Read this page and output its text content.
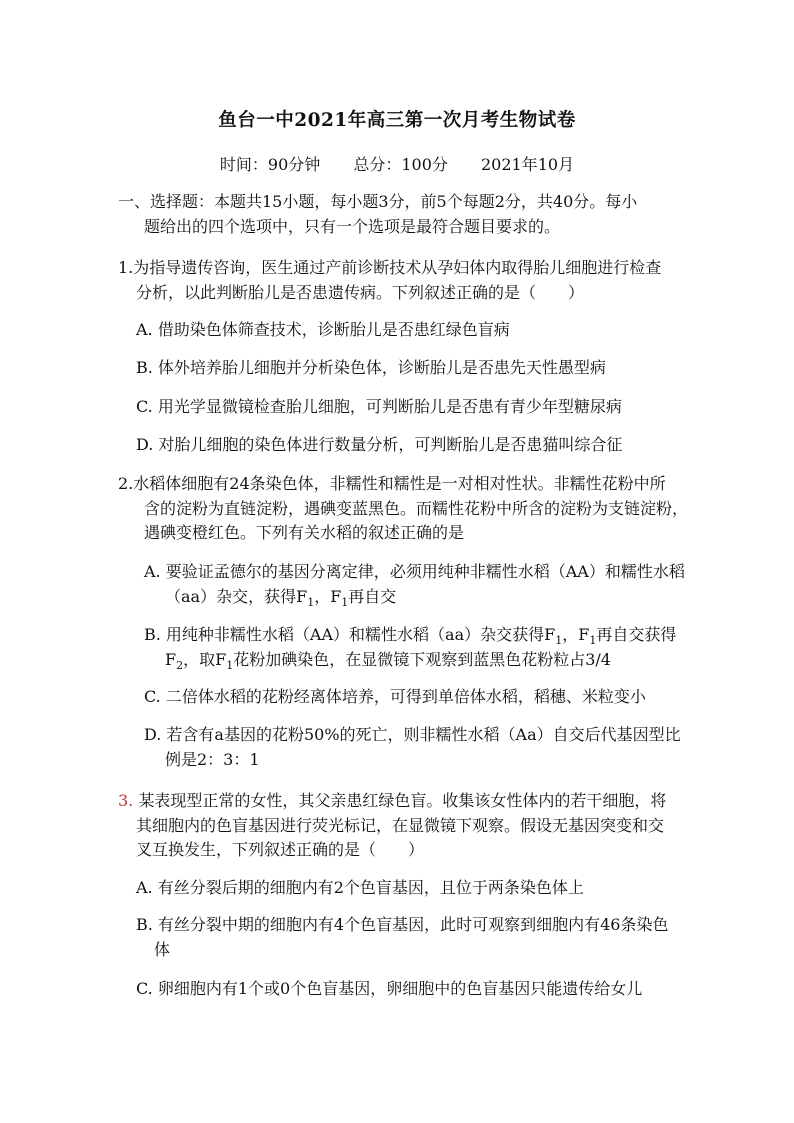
鱼台一中2021年高三第一次月考生物试卷
时间：90分钟 总分：100分 2021年10月
一、选择题：本题共15小题，每小题3分，前5个每题2分，共40分。每小
题给出的四个选项中，只有一个选项是最符合题目要求的。
1.为指导遗传咨询，医生通过产前诊断技术从孕妇体内取得胎儿细胞进行检查
分析，以此判断胎儿是否患遗传病。下列叙述正确的是（　　）
A. 借助染色体筛查技术，诊断胎儿是否患红绿色盲病
B. 体外培养胎儿细胞并分析染色体，诊断胎儿是否患先天性愚型病
C. 用光学显微镜检查胎儿细胞，可判断胎儿是否患有青少年型糖尿病
D. 对胎儿细胞的染色体进行数量分析，可判断胎儿是否患猫叫综合征
2.水稻体细胞有24条染色体，非糯性和糯性是一对相对性状。非糯性花粉中所
含的淀粉为直链淀粉，遇碘变蓝黑色。而糯性花粉中所含的淀粉为支链淀粉，
遇碘变橙红色。下列有关水稻的叙述正确的是
A. 要验证孟德尔的基因分离定律，必须用纯种非糯性水稻（AA）和糯性水稻
（aa）杂交，获得$F_1$，$F_1$再自交
B. 用纯种非糯性水稻（AA）和糯性水稻（aa）杂交获得$F_1$，$F_1$再自交获得
$F_2$，取$F_1$花粉加碘染色，在显微镜下观察到蓝黑色花粉粒占3/4
C. 二倍体水稻的花粉经离体培养，可得到单倍体水稻，稻穗、米粒变小
D. 若含有a基因的花粉50%的死亡，则非糯性水稻（Aa）自交后代基因型比
例是2：3：1
3. 某表现型正常的女性，其父亲患红绿色盲。收集该女性体内的若干细胞，将
其细胞内的色盲基因进行荧光标记，在显微镜下观察。假设无基因突变和交
叉互换发生，下列叙述正确的是（　　）
A. 有丝分裂后期的细胞内有2个色盲基因，且位于两条染色体上
B. 有丝分裂中期的细胞内有4个色盲基因，此时可观察到细胞内有46条染色
体
C. 卵细胞内有1个或0个色盲基因，卵细胞中的色盲基因只能遗传给女儿
